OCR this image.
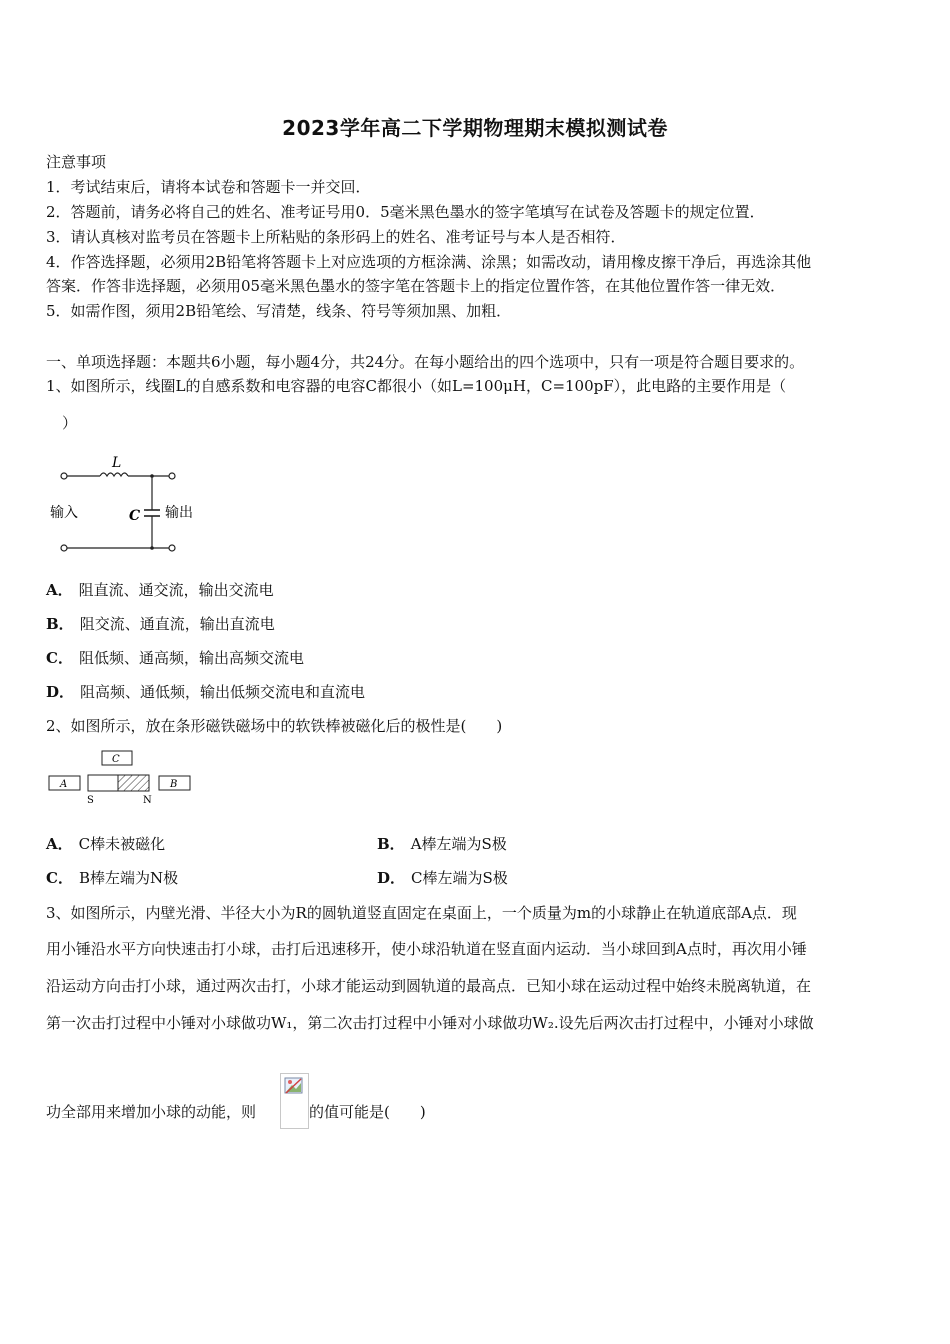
2023学年高二下学期物理期末模拟测试卷
注意事项
1．考试结束后，请将本试卷和答题卡一并交回．
2．答题前，请务必将自己的姓名、准考证号用0．5毫米黑色墨水的签字笔填写在试卷及答题卡的规定位置．
3．请认真核对监考员在答题卡上所粘贴的条形码上的姓名、准考证号与本人是否相符．
4．作答选择题，必须用2B铅笔将答题卡上对应选项的方框涂满、涂黑；如需改动，请用橡皮擦干净后，再选涂其他
答案．作答非选择题，必须用05毫米黑色墨水的签字笔在答题卡上的指定位置作答，在其他位置作答一律无效．
5．如需作图，须用2B铅笔绘、写清楚，线条、符号等须加黑、加粗．
一、单项选择题：本题共6小题，每小题4分，共24分。在每小题给出的四个选项中，只有一项是符合题目要求的。
1、如图所示，线圈L的自感系数和电容器的电容C都很小（如L=100μH，C=100pF），此电路的主要作用是（
）
L
C
输入	输出
A． 阻直流、通交流，输出交流电
B． 阻交流、通直流，输出直流电
C． 阻低频、通高频，输出高频交流电
D． 阻高频、通低频，输出低频交流电和直流电
2、如图所示，放在条形磁铁磁场中的软铁棒被磁化后的极性是(　　)
C
A	B
S	N
A． C棒未被磁化	B． A棒左端为S极
C． B棒左端为N极	D． C棒左端为S极
3、如图所示，内壁光滑、半径大小为R的圆轨道竖直固定在桌面上，一个质量为m的小球静止在轨道底部A点．现
用小锤沿水平方向快速击打小球，击打后迅速移开，使小球沿轨道在竖直面内运动．当小球回到A点时，再次用小锤
沿运动方向击打小球，通过两次击打，小球才能运动到圆轨道的最高点．已知小球在运动过程中始终未脱离轨道，在
第一次击打过程中小锤对小球做功W₁，第二次击打过程中小锤对小球做功W₂.设先后两次击打过程中，小锤对小球做
功全部用来增加小球的动能，则	的值可能是(　　)
